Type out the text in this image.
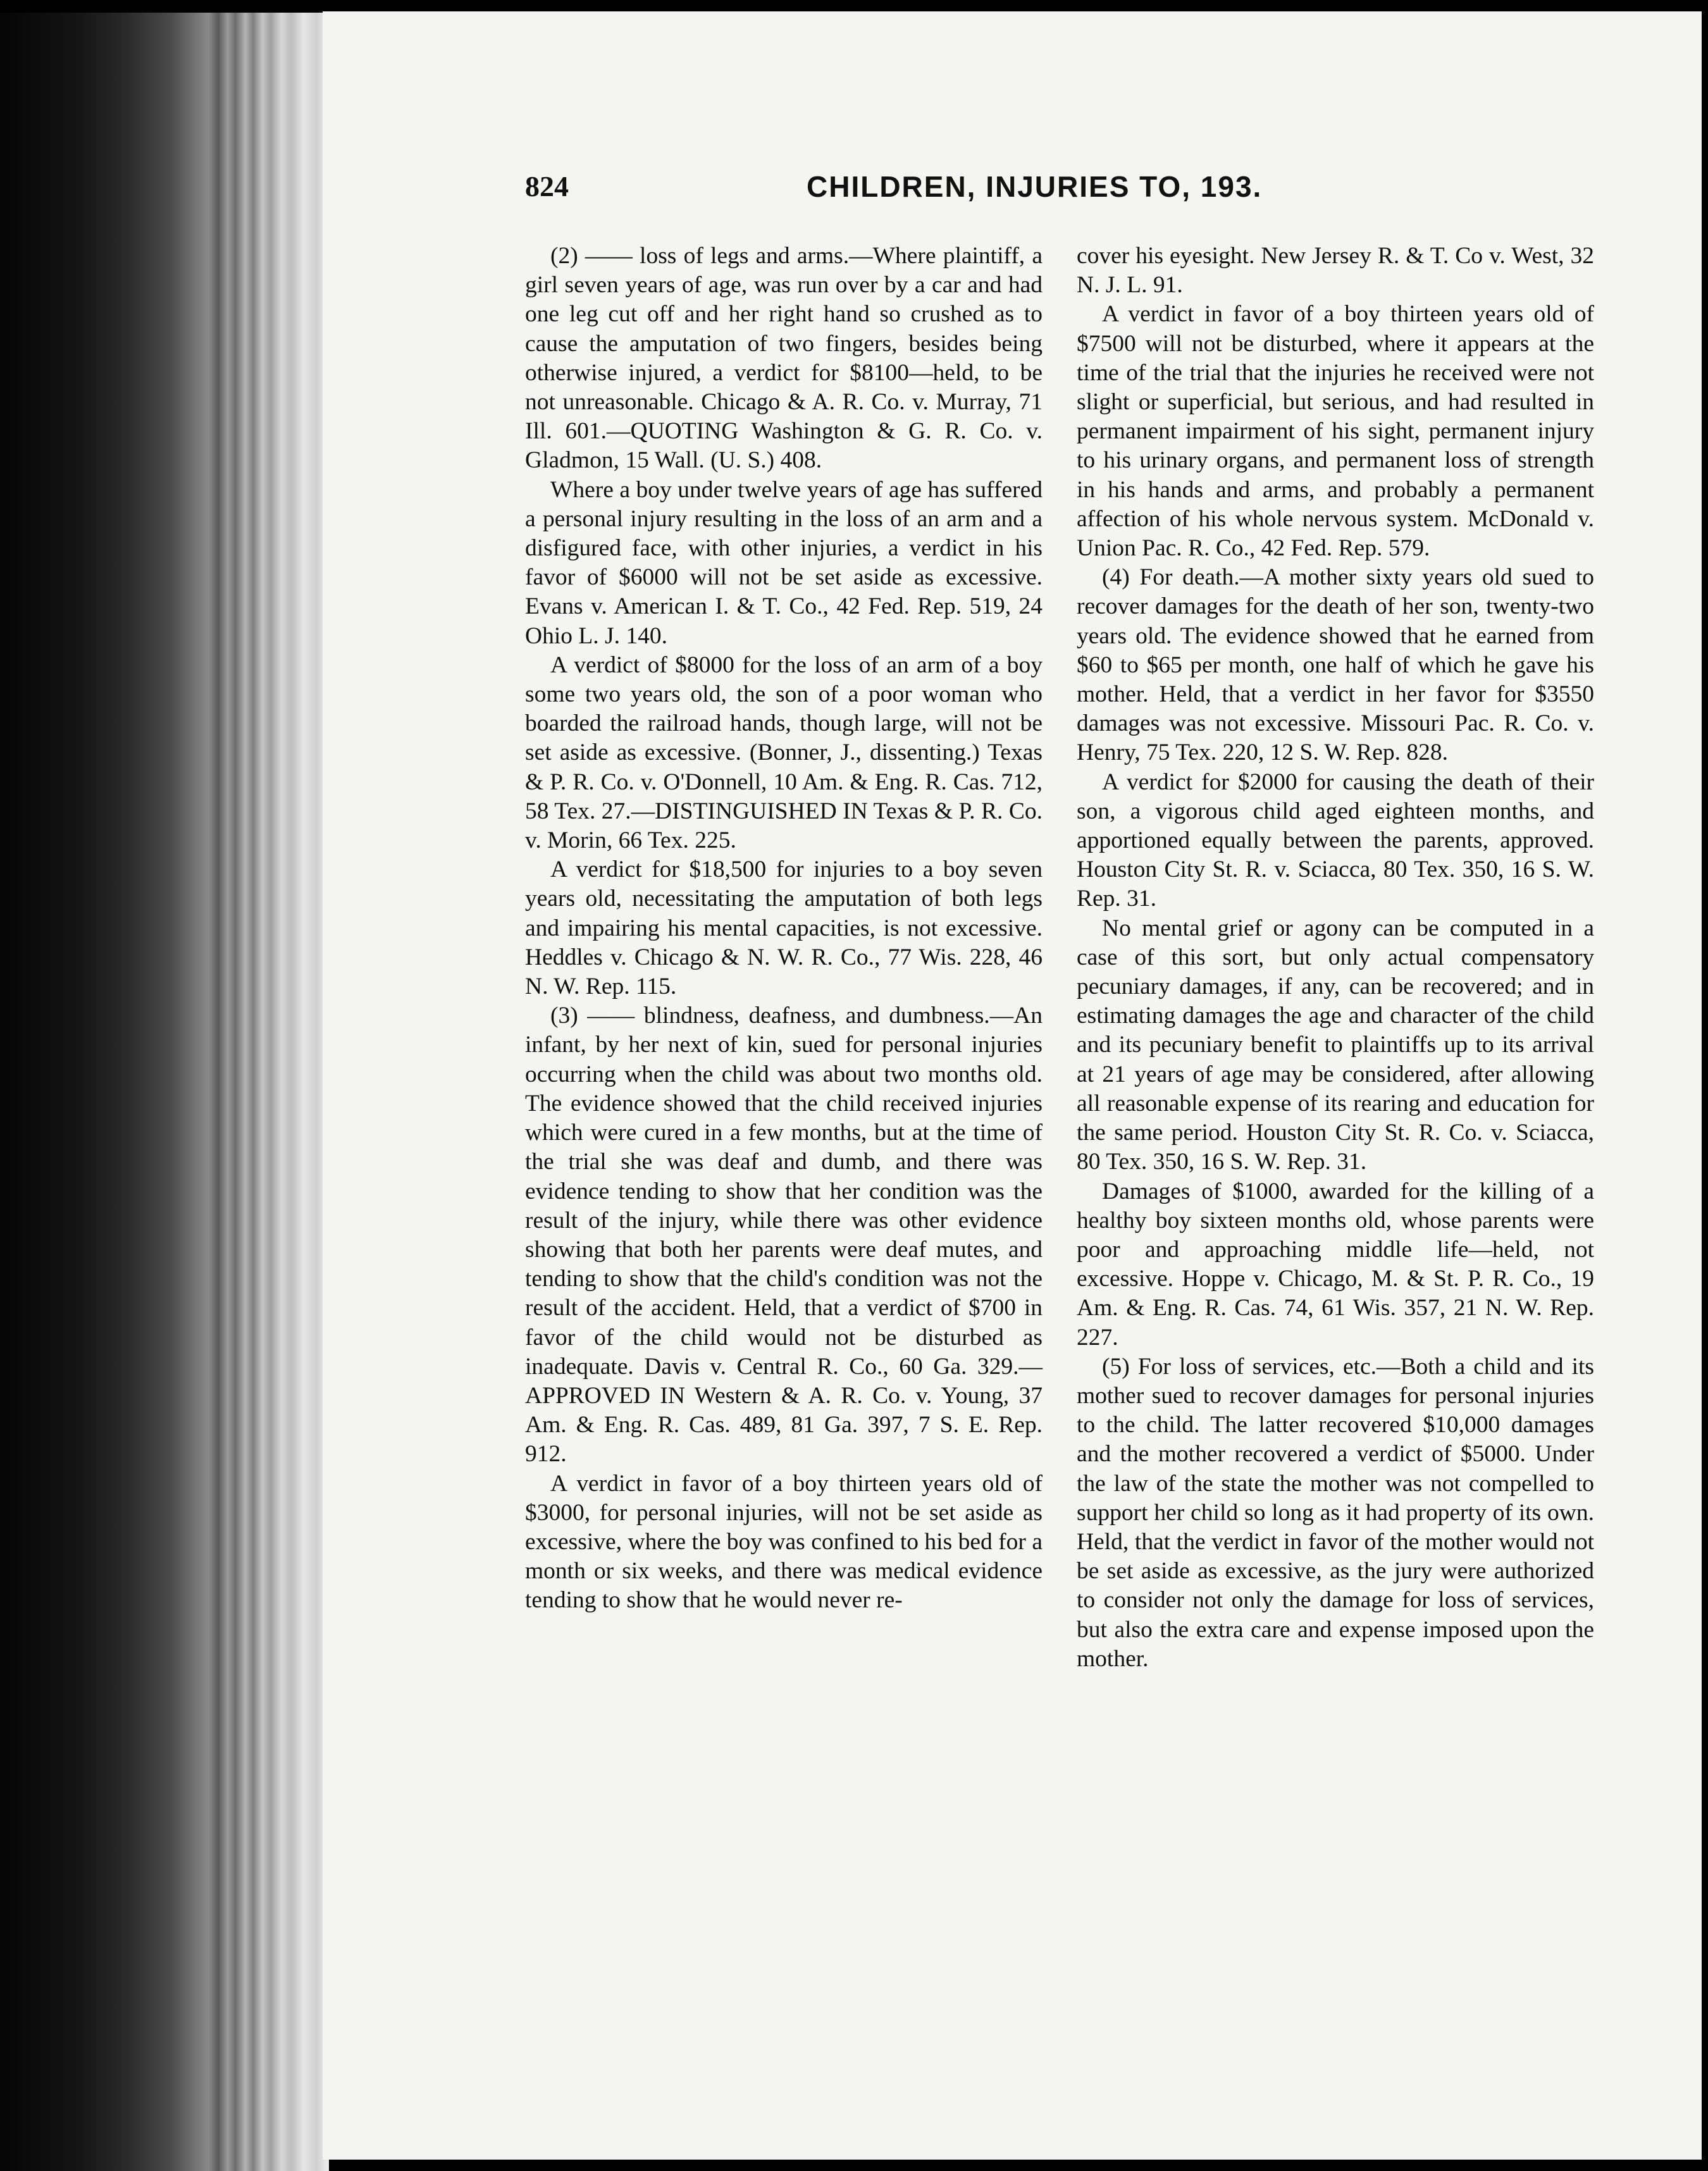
824	CHILDREN, INJURIES TO, 193.

(2) —— loss of legs and arms.—Where plaintiff, a girl seven years of age, was run over by a car and had one leg cut off and her right hand so crushed as to cause the amputation of two fingers, besides being otherwise injured, a verdict for $8100—held, to be not unreasonable. Chicago & A. R. Co. v. Murray, 71 Ill. 601.—QUOTING Washington & G. R. Co. v. Gladmon, 15 Wall. (U. S.) 408.

Where a boy under twelve years of age has suffered a personal injury resulting in the loss of an arm and a disfigured face, with other injuries, a verdict in his favor of $6000 will not be set aside as excessive. Evans v. American I. & T. Co., 42 Fed. Rep. 519, 24 Ohio L. J. 140.

A verdict of $8000 for the loss of an arm of a boy some two years old, the son of a poor woman who boarded the railroad hands, though large, will not be set aside as excessive. (Bonner, J., dissenting.) Texas & P. R. Co. v. O'Donnell, 10 Am. & Eng. R. Cas. 712, 58 Tex. 27.—DISTINGUISHED IN Texas & P. R. Co. v. Morin, 66 Tex. 225.

A verdict for $18,500 for injuries to a boy seven years old, necessitating the amputation of both legs and impairing his mental capacities, is not excessive. Heddles v. Chicago & N. W. R. Co., 77 Wis. 228, 46 N. W. Rep. 115.

(3) —— blindness, deafness, and dumbness.—An infant, by her next of kin, sued for personal injuries occurring when the child was about two months old. The evidence showed that the child received injuries which were cured in a few months, but at the time of the trial she was deaf and dumb, and there was evidence tending to show that her condition was the result of the injury, while there was other evidence showing that both her parents were deaf mutes, and tending to show that the child's condition was not the result of the accident. Held, that a verdict of $700 in favor of the child would not be disturbed as inadequate. Davis v. Central R. Co., 60 Ga. 329.—APPROVED IN Western & A. R. Co. v. Young, 37 Am. & Eng. R. Cas. 489, 81 Ga. 397, 7 S. E. Rep. 912.

A verdict in favor of a boy thirteen years old of $3000, for personal injuries, will not be set aside as excessive, where the boy was confined to his bed for a month or six weeks, and there was medical evidence tending to show that he would never re-

cover his eyesight. New Jersey R. & T. Co v. West, 32 N. J. L. 91.

A verdict in favor of a boy thirteen years old of $7500 will not be disturbed, where it appears at the time of the trial that the injuries he received were not slight or superficial, but serious, and had resulted in permanent impairment of his sight, permanent injury to his urinary organs, and permanent loss of strength in his hands and arms, and probably a permanent affection of his whole nervous system. McDonald v. Union Pac. R. Co., 42 Fed. Rep. 579.

(4) For death.—A mother sixty years old sued to recover damages for the death of her son, twenty-two years old. The evidence showed that he earned from $60 to $65 per month, one half of which he gave his mother. Held, that a verdict in her favor for $3550 damages was not excessive. Missouri Pac. R. Co. v. Henry, 75 Tex. 220, 12 S. W. Rep. 828.

A verdict for $2000 for causing the death of their son, a vigorous child aged eighteen months, and apportioned equally between the parents, approved. Houston City St. R. v. Sciacca, 80 Tex. 350, 16 S. W. Rep. 31.

No mental grief or agony can be computed in a case of this sort, but only actual compensatory pecuniary damages, if any, can be recovered; and in estimating damages the age and character of the child and its pecuniary benefit to plaintiffs up to its arrival at 21 years of age may be considered, after allowing all reasonable expense of its rearing and education for the same period. Houston City St. R. Co. v. Sciacca, 80 Tex. 350, 16 S. W. Rep. 31.

Damages of $1000, awarded for the killing of a healthy boy sixteen months old, whose parents were poor and approaching middle life—held, not excessive. Hoppe v. Chicago, M. & St. P. R. Co., 19 Am. & Eng. R. Cas. 74, 61 Wis. 357, 21 N. W. Rep. 227.

(5) For loss of services, etc.—Both a child and its mother sued to recover damages for personal injuries to the child. The latter recovered $10,000 damages and the mother recovered a verdict of $5000. Under the law of the state the mother was not compelled to support her child so long as it had property of its own. Held, that the verdict in favor of the mother would not be set aside as excessive, as the jury were authorized to consider not only the damage for loss of services, but also the extra care and expense imposed upon the mother.
